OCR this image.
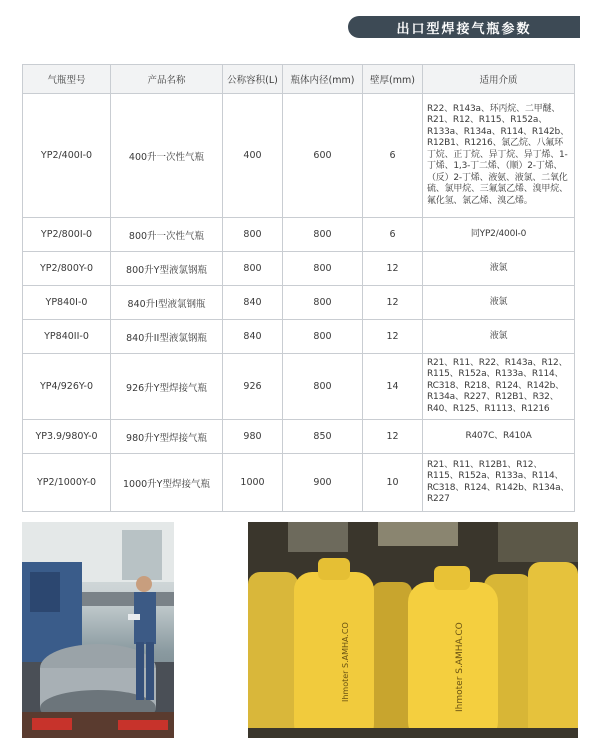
出口型焊接气瓶参数
气瓶型号	产品名称	公称容积(L)	瓶体内径(mm)	壁厚(mm)	适用介质
YP2/400I-0	400升一次性气瓶	400	600	6	R22、R143a、环丙烷、二甲醚、R21、R12、R115、R152a、R133a、R134a、R114、R142b、R12B1、R1216、氯乙烷、八氟环丁烷、正丁烷、异丁烷、异丁烯、1-丁烯、1,3-丁二烯、（顺）2-丁烯、（反）2-丁烯、液氨、液氯、二氧化硫、氯甲烷、三氟氯乙烯、溴甲烷、氟化氢、氯乙烯、溴乙烯。
YP2/800I-0	800升一次性气瓶	800	800	6	同YP2/400I-0
YP2/800Y-0	800升Y型液氯钢瓶	800	800	12	液氯
YP840I-0	840升I型液氯钢瓶	840	800	12	液氯
YP840II-0	840升II型液氯钢瓶	840	800	12	液氯
YP4/926Y-0	926升Y型焊接气瓶	926	800	14	R21、R11、R22、R143a、R12、R115、R152a、R133a、R114、RC318、R218、R124、R142b、R134a、R227、R12B1、R32、R40、R125、R1113、R1216
YP3.9/980Y-0	980升Y型焊接气瓶	980	850	12	R407C、R410A
YP2/1000Y-0	1000升Y型焊接气瓶	1000	900	10	R21、R11、R12B1、R12、R115、R152a、R133a、R114、RC318、R124、R142b、R134a、R227
Ihmoter S.AMHA.CO
Ihmoter S.AMHA.CO
